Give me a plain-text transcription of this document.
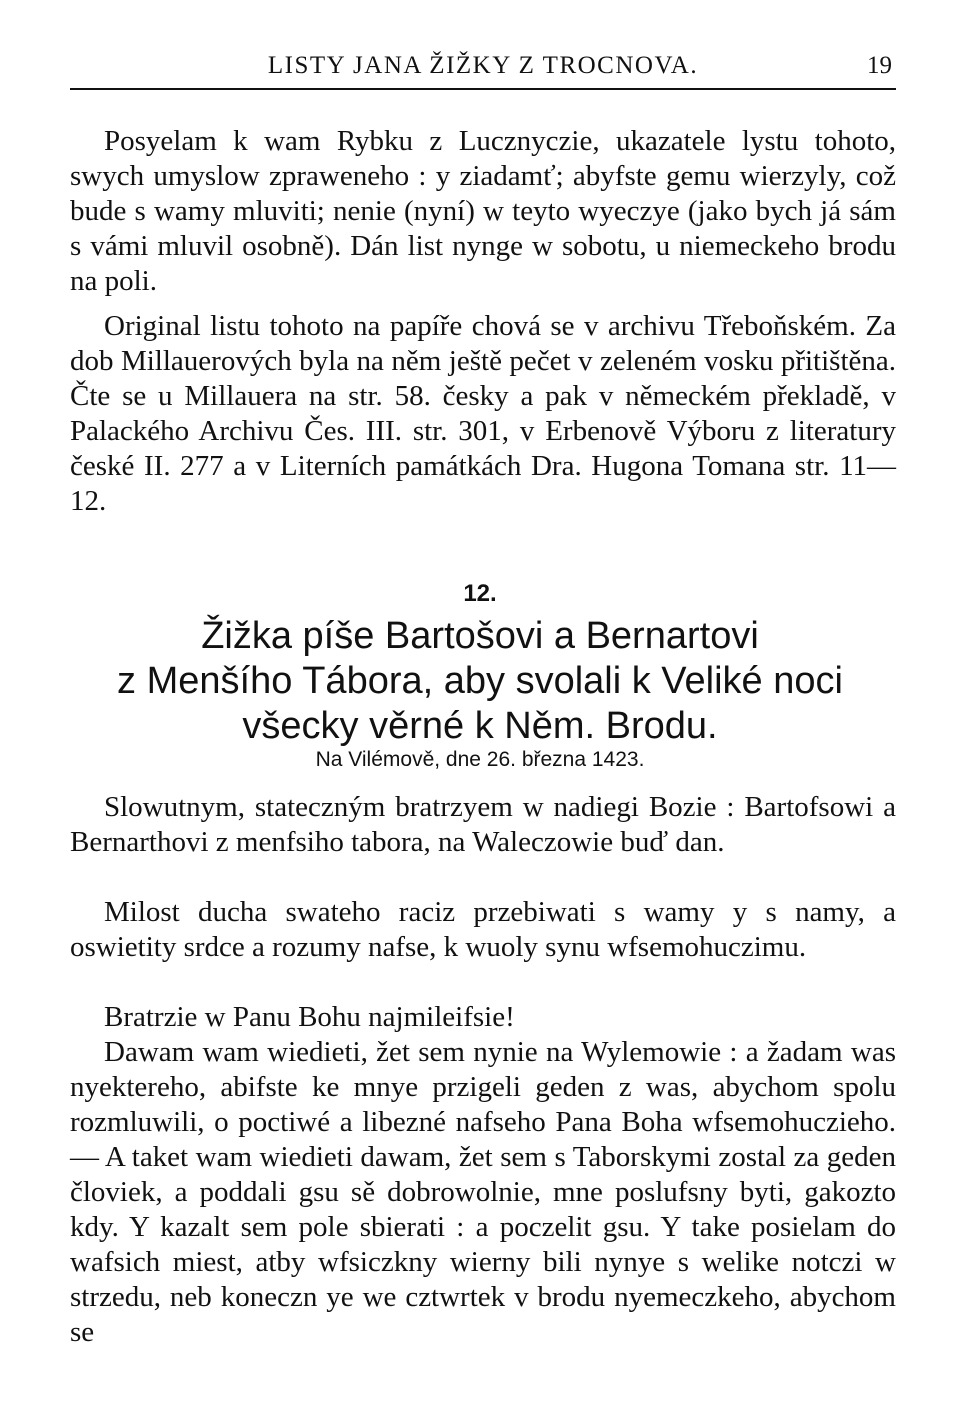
LISTY JANA ŽIŽKY Z TROCNOVA.	19

Posyelam k wam Rybku z Lucznyczie, ukazatele lystu tohoto, swych umyslow zpraweneho : y ziadamť; abyfste gemu wierzyly, což bude s wamy mluviti; nenie (nyní) w teyto wyeczye (jako bych já sám s vámi mluvil osobně). Dán list nynge w sobotu, u niemeckeho brodu na poli.

Original listu tohoto na papíře chová se v archivu Třeboňském. Za dob Millauerových byla na něm ještě pečet v zeleném vosku přitištěna. Čte se u Millauera na str. 58. česky a pak v německém překladě, v Palackého Archivu Čes. III. str. 301, v Erbenově Výboru z literatury české II. 277 a v Literních památkách Dra. Hugona Tomana str. 11—12.

12.
Žižka píše Bartošovi a Bernartovi
z Menšího Tábora, aby svolali k Veliké noci
všecky věrné k Něm. Brodu.
Na Vilémově, dne 26. března 1423.

Slowutnym, stateczným bratrzyem w nadiegi Bozie : Bartofsowi a Bernarthovi z menfsiho tabora, na Waleczowie buď dan.

Milost ducha swateho raciz przebiwati s wamy y s namy, a oswietity srdce a rozumy nafse, k wuoly synu wfsemohuczimu.

Bratrzie w Panu Bohu najmileifsie!

Dawam wam wiedieti, žet sem nynie na Wylemowie : a žadam was nyektereho, abifste ke mnye przigeli geden z was, abychom spolu rozmluwili, o poctiwé a libezné nafseho Pana Boha wfsemohuczieho. — A taket wam wiedieti dawam, žet sem s Taborskymi zostal za geden človiek, a poddali gsu sě dobrowolnie, mne poslufsny byti, gakozto kdy. Y kazalt sem pole sbierati : a poczelit gsu. Y take posielam do wafsich miest, atby wfsiczkny wierny bili nynye s welike notczi w strzedu, neb koneczn ye we cztwrtek v brodu nyemeczkeho, abychom se
